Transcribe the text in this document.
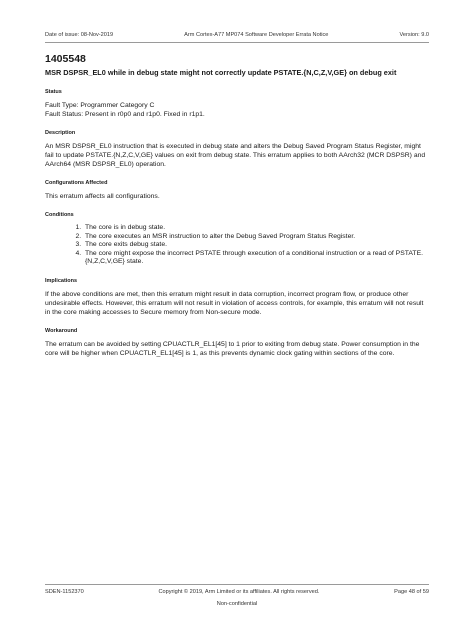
Date of issue: 08-Nov-2019	Arm Cortex-A77 MP074 Software Developer Errata Notice	Version: 9.0
1405548
MSR DSPSR_EL0 while in debug state might not correctly update PSTATE.{N,C,Z,V,GE} on debug exit
Status
Fault Type: Programmer Category C
Fault Status: Present in r0p0 and r1p0. Fixed in r1p1.
Description

An MSR DSPSR_EL0 instruction that is executed in debug state and alters the Debug Saved Program Status Register, might fail to update PSTATE.{N,Z,C,V,GE} values on exit from debug state. This erratum applies to both AArch32 (MCR DSPSR) and AArch64 (MSR DSPSR_EL0) operation.

Configurations Affected

This erratum affects all configurations.

Conditions
1. The core is in debug state.
2. The core executes an MSR instruction to alter the Debug Saved Program Status Register.
3. The core exits debug state.
4. The core might expose the incorrect PSTATE through execution of a conditional instruction or a read of PSTATE.{N,Z,C,V,GE} state.
Implications

If the above conditions are met, then this erratum might result in data corruption, incorrect program flow, or produce other undesirable effects. However, this erratum will not result in violation of access controls, for example, this erratum will not result in the core making accesses to Secure memory from Non-secure mode.

Workaround

The erratum can be avoided by setting CPUACTLR_EL1[45] to 1 prior to exiting from debug state. Power consumption in the core will be higher when CPUACTLR_EL1[45] is 1, as this prevents dynamic clock gating within sections of the core.

SDEN-1152370	Copyright © 2019, Arm Limited or its affiliates. All rights reserved.	Page 48 of 59
Non-confidential
